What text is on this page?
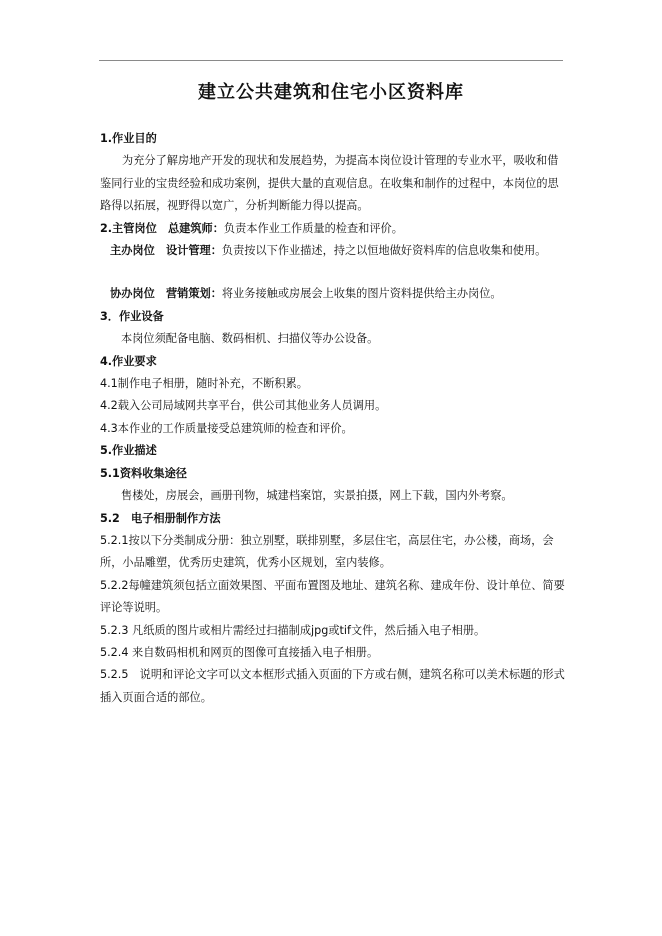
建立公共建筑和住宅小区资料库
1.作业目的
为充分了解房地产开发的现状和发展趋势，为提高本岗位设计管理的专业水平，吸收和借鉴同行业的宝贵经验和成功案例，提供大量的直观信息。在收集和制作的过程中，本岗位的思路得以拓展，视野得以宽广，分析判断能力得以提高。
2.主管岗位　总建筑师：负责本作业工作质量的检查和评价。
主办岗位　设计管理：负责按以下作业描述，持之以恒地做好资料库的信息收集和使用。
协办岗位　营销策划：将业务接触或房展会上收集的图片资料提供给主办岗位。
3．作业设备
本岗位须配备电脑、数码相机、扫描仪等办公设备。
4.作业要求
4.1制作电子相册，随时补充，不断积累。
4.2载入公司局域网共享平台，供公司其他业务人员调用。
4.3本作业的工作质量接受总建筑师的检查和评价。
5.作业描述
5.1资料收集途径
售楼处，房展会，画册刊物，城建档案馆，实景拍摄，网上下载，国内外考察。
5.2　电子相册制作方法
5.2.1按以下分类制成分册：独立别墅，联排别墅，多层住宅，高层住宅，办公楼，商场，会所，小品雕塑，优秀历史建筑，优秀小区规划，室内装修。
5.2.2每幢建筑须包括立面效果图、平面布置图及地址、建筑名称、建成年份、设计单位、简要评论等说明。
5.2.3 凡纸质的图片或相片需经过扫描制成jpg或tif文件，然后插入电子相册。
5.2.4 来自数码相机和网页的图像可直接插入电子相册。
5.2.5　说明和评论文字可以文本框形式插入页面的下方或右侧，建筑名称可以美术标题的形式插入页面合适的部位。
